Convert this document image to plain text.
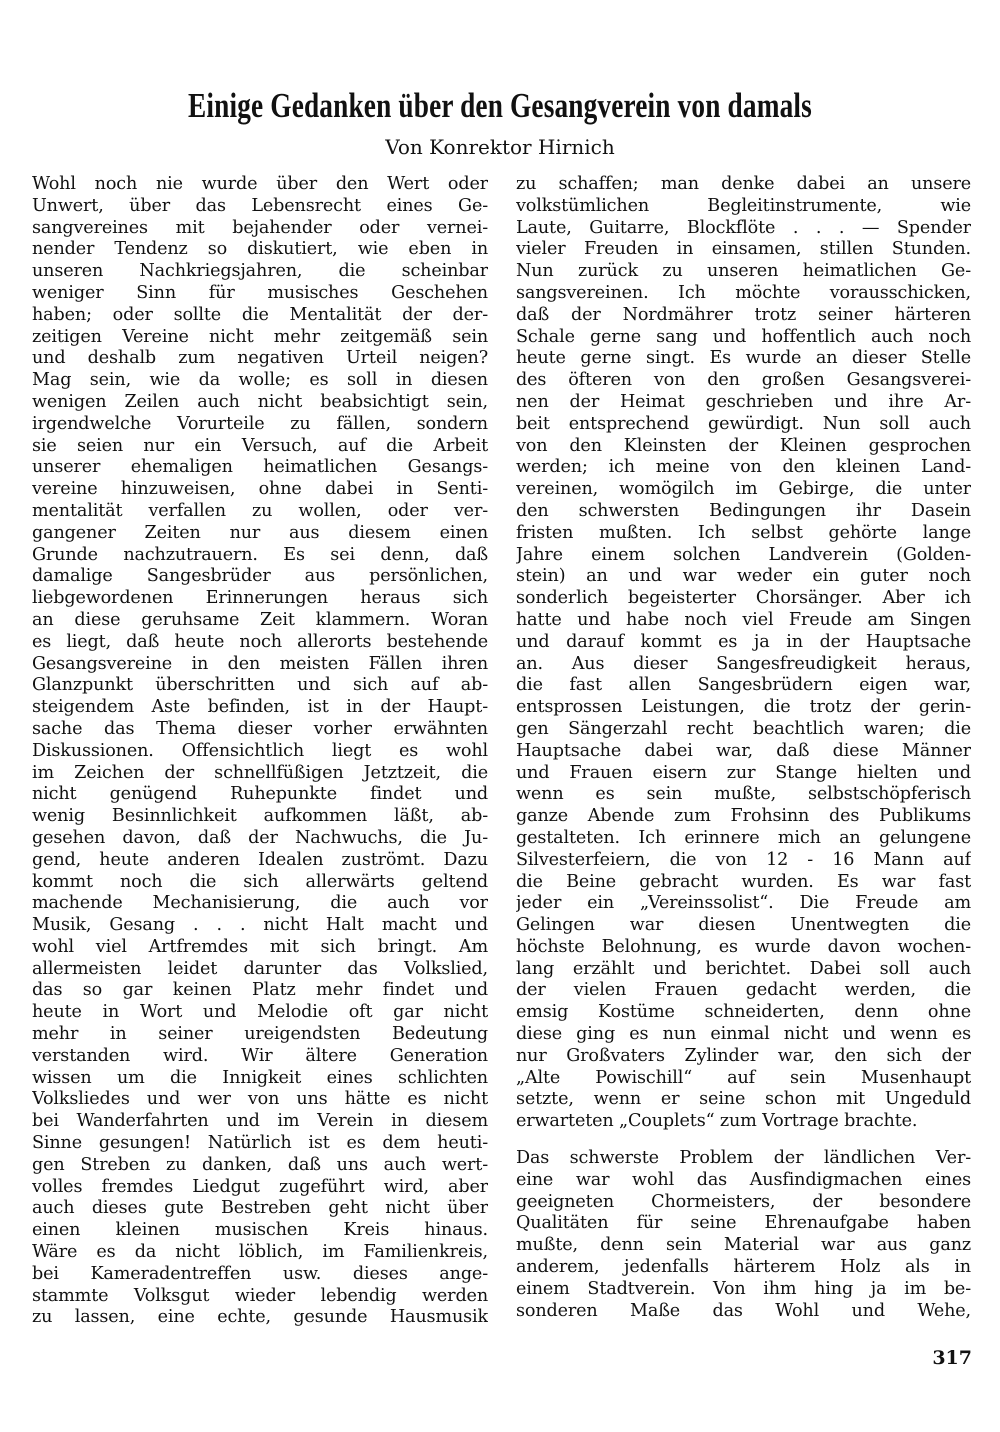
Einige Gedanken über den Gesangverein von damals
Von Konrektor Hirnich
Wohl noch nie wurde über den Wert oder
Unwert, über das Lebensrecht eines Ge-
sangvereines mit bejahender oder vernei-
nender Tendenz so diskutiert, wie eben in
unseren Nachkriegsjahren, die scheinbar
weniger Sinn für musisches Geschehen
haben; oder sollte die Mentalität der der-
zeitigen Vereine nicht mehr zeitgemäß sein
und deshalb zum negativen Urteil neigen?
Mag sein, wie da wolle; es soll in diesen
wenigen Zeilen auch nicht beabsichtigt sein,
irgendwelche Vorurteile zu fällen, sondern
sie seien nur ein Versuch, auf die Arbeit
unserer ehemaligen heimatlichen Gesangs-
vereine hinzuweisen, ohne dabei in Senti-
mentalität verfallen zu wollen, oder ver-
gangener Zeiten nur aus diesem einen
Grunde nachzutrauern. Es sei denn, daß
damalige Sangesbrüder aus persönlichen,
liebgewordenen Erinnerungen heraus sich
an diese geruhsame Zeit klammern. Woran
es liegt, daß heute noch allerorts bestehende
Gesangsvereine in den meisten Fällen ihren
Glanzpunkt überschritten und sich auf ab-
steigendem Aste befinden, ist in der Haupt-
sache das Thema dieser vorher erwähnten
Diskussionen. Offensichtlich liegt es wohl
im Zeichen der schnellfüßigen Jetztzeit, die
nicht genügend Ruhepunkte findet und
wenig Besinnlichkeit aufkommen läßt, ab-
gesehen davon, daß der Nachwuchs, die Ju-
gend, heute anderen Idealen zuströmt. Dazu
kommt noch die sich allerwärts geltend
machende Mechanisierung, die auch vor
Musik, Gesang . . . nicht Halt macht und
wohl viel Artfremdes mit sich bringt. Am
allermeisten leidet darunter das Volkslied,
das so gar keinen Platz mehr findet und
heute in Wort und Melodie oft gar nicht
mehr in seiner ureigendsten Bedeutung
verstanden wird. Wir ältere Generation
wissen um die Innigkeit eines schlichten
Volksliedes und wer von uns hätte es nicht
bei Wanderfahrten und im Verein in diesem
Sinne gesungen! Natürlich ist es dem heuti-
gen Streben zu danken, daß uns auch wert-
volles fremdes Liedgut zugeführt wird, aber
auch dieses gute Bestreben geht nicht über
einen kleinen musischen Kreis hinaus.
Wäre es da nicht löblich, im Familienkreis,
bei Kameradentreffen usw. dieses ange-
stammte Volksgut wieder lebendig werden
zu lassen, eine echte, gesunde Hausmusik
zu schaffen; man denke dabei an unsere
volkstümlichen Begleitinstrumente, wie
Laute, Guitarre, Blockflöte . . . — Spender
vieler Freuden in einsamen, stillen Stunden.
Nun zurück zu unseren heimatlichen Ge-
sangsvereinen. Ich möchte vorausschicken,
daß der Nordmährer trotz seiner härteren
Schale gerne sang und hoffentlich auch noch
heute gerne singt. Es wurde an dieser Stelle
des öfteren von den großen Gesangsverei-
nen der Heimat geschrieben und ihre Ar-
beit entsprechend gewürdigt. Nun soll auch
von den Kleinsten der Kleinen gesprochen
werden; ich meine von den kleinen Land-
vereinen, womögilch im Gebirge, die unter
den schwersten Bedingungen ihr Dasein
fristen mußten. Ich selbst gehörte lange
Jahre einem solchen Landverein (Golden-
stein) an und war weder ein guter noch
sonderlich begeisterter Chorsänger. Aber ich
hatte und habe noch viel Freude am Singen
und darauf kommt es ja in der Hauptsache
an. Aus dieser Sangesfreudigkeit heraus,
die fast allen Sangesbrüdern eigen war,
entsprossen Leistungen, die trotz der gerin-
gen Sängerzahl recht beachtlich waren; die
Hauptsache dabei war, daß diese Männer
und Frauen eisern zur Stange hielten und
wenn es sein mußte, selbstschöpferisch
ganze Abende zum Frohsinn des Publikums
gestalteten. Ich erinnere mich an gelungene
Silvesterfeiern, die von 12 - 16 Mann auf
die Beine gebracht wurden. Es war fast
jeder ein „Vereinssolist“. Die Freude am
Gelingen war diesen Unentwegten die
höchste Belohnung, es wurde davon wochen-
lang erzählt und berichtet. Dabei soll auch
der vielen Frauen gedacht werden, die
emsig Kostüme schneiderten, denn ohne
diese ging es nun einmal nicht und wenn es
nur Großvaters Zylinder war, den sich der
„Alte Powischill“ auf sein Musenhaupt
setzte, wenn er seine schon mit Ungeduld
erwarteten „Couplets“ zum Vortrage brachte.
Das schwerste Problem der ländlichen Ver-
eine war wohl das Ausfindigmachen eines
geeigneten Chormeisters, der besondere
Qualitäten für seine Ehrenaufgabe haben
mußte, denn sein Material war aus ganz
anderem, jedenfalls härterem Holz als in
einem Stadtverein. Von ihm hing ja im be-
sonderen Maße das Wohl und Wehe,
317
